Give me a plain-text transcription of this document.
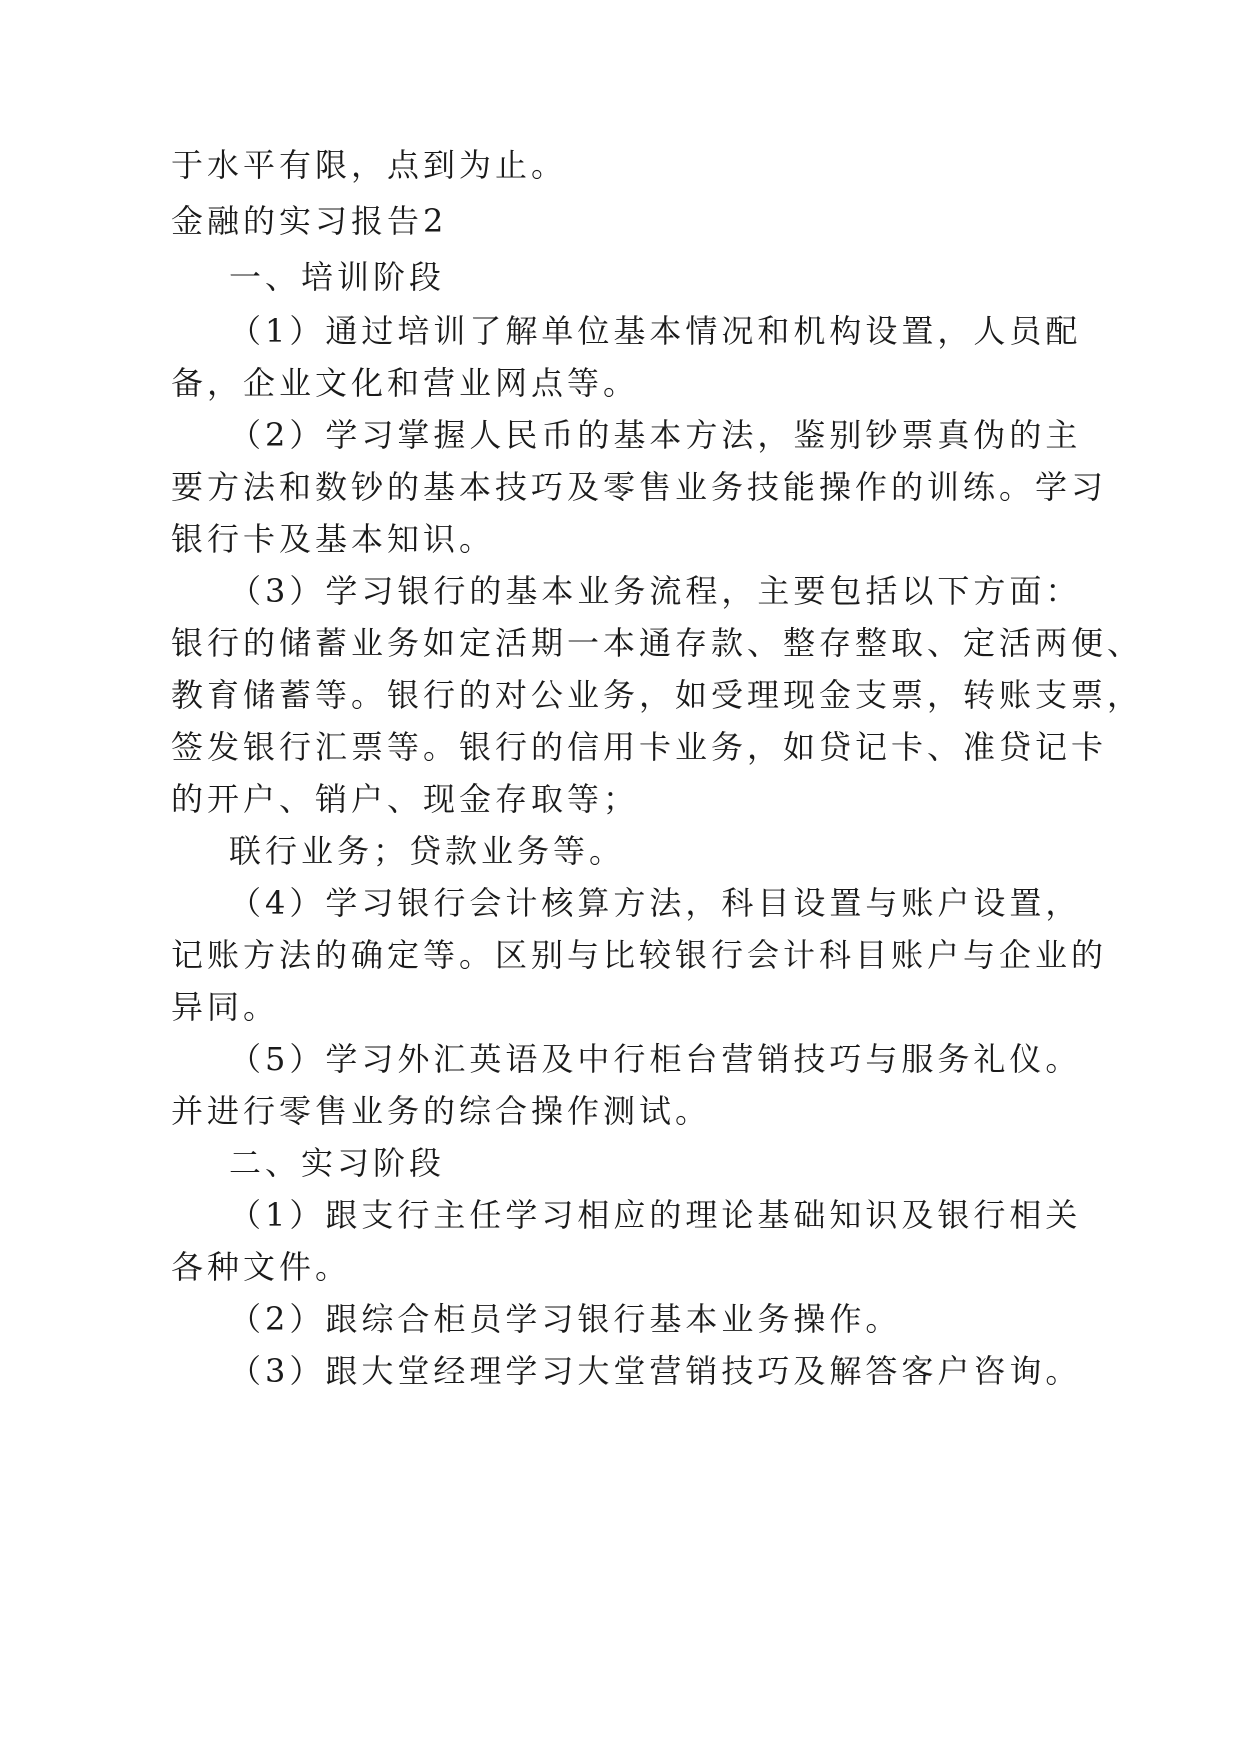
于水平有限，点到为止。

金融的实习报告2

一、培训阶段

（1）通过培训了解单位基本情况和机构设置，人员配

备，企业文化和营业网点等。

（2）学习掌握人民币的基本方法，鉴别钞票真伪的主

要方法和数钞的基本技巧及零售业务技能操作的训练。学习

银行卡及基本知识。

（3）学习银行的基本业务流程，主要包括以下方面：

银行的储蓄业务如定活期一本通存款、整存整取、定活两便、

教育储蓄等。银行的对公业务，如受理现金支票，转账支票，

签发银行汇票等。银行的信用卡业务，如贷记卡、准贷记卡

的开户、销户、现金存取等；

联行业务；贷款业务等。

（4）学习银行会计核算方法，科目设置与账户设置，

记账方法的确定等。区别与比较银行会计科目账户与企业的

异同。

（5）学习外汇英语及中行柜台营销技巧与服务礼仪。

并进行零售业务的综合操作测试。

二、实习阶段

（1）跟支行主任学习相应的理论基础知识及银行相关

各种文件。

（2）跟综合柜员学习银行基本业务操作。

（3）跟大堂经理学习大堂营销技巧及解答客户咨询。
